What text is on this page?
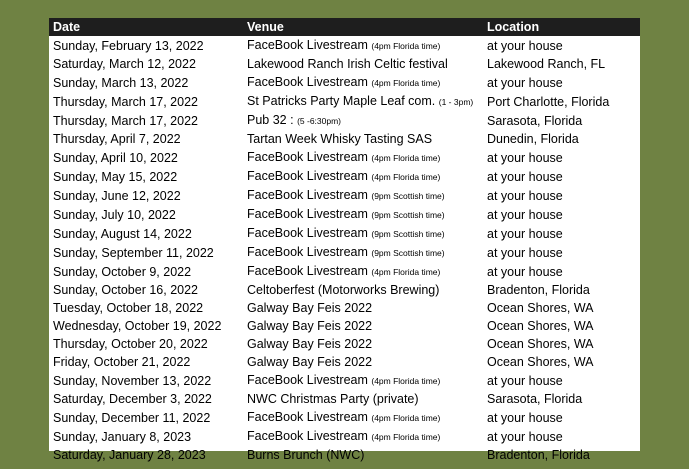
Date	Venue	Location
Sunday, February 13, 2022	FaceBook Livestream (4pm Florida time)	at your house
Saturday, March 12, 2022	Lakewood Ranch Irish Celtic festival	Lakewood Ranch, FL
Sunday, March 13, 2022	FaceBook Livestream (4pm Florida time)	at your house
Thursday, March 17, 2022	St Patricks Party Maple Leaf com. (1 - 3pm)	Port Charlotte, Florida
Thursday, March 17, 2022	Pub 32 : (5 -6:30pm)	Sarasota, Florida
Thursday, April 7, 2022	Tartan Week Whisky Tasting SAS	Dunedin, Florida
Sunday, April 10, 2022	FaceBook Livestream (4pm Florida time)	at your house
Sunday, May 15, 2022	FaceBook Livestream (4pm Florida time)	at your house
Sunday, June 12, 2022	FaceBook Livestream (9pm Scottish time)	at your house
Sunday, July 10, 2022	FaceBook Livestream (9pm Scottish time)	at your house
Sunday, August 14, 2022	FaceBook Livestream (9pm Scottish time)	at your house
Sunday, September 11, 2022	FaceBook Livestream (9pm Scottish time)	at your house
Sunday, October 9, 2022	FaceBook Livestream (4pm Florida time)	at your house
Sunday, October 16, 2022	Celtoberfest (Motorworks Brewing)	Bradenton, Florida
Tuesday, October 18, 2022	Galway Bay Feis 2022	Ocean Shores, WA
Wednesday, October 19, 2022	Galway Bay Feis 2022	Ocean Shores, WA
Thursday, October 20, 2022	Galway Bay Feis 2022	Ocean Shores, WA
Friday, October 21, 2022	Galway Bay Feis 2022	Ocean Shores, WA
Sunday, November 13, 2022	FaceBook Livestream (4pm Florida time)	at your house
Saturday, December 3, 2022	NWC Christmas Party (private)	Sarasota, Florida
Sunday, December 11, 2022	FaceBook Livestream (4pm Florida time)	at your house
Sunday, January 8, 2023	FaceBook Livestream (4pm Florida time)	at your house
Saturday, January 28, 2023	Burns Brunch (NWC)	Bradenton, Florida
